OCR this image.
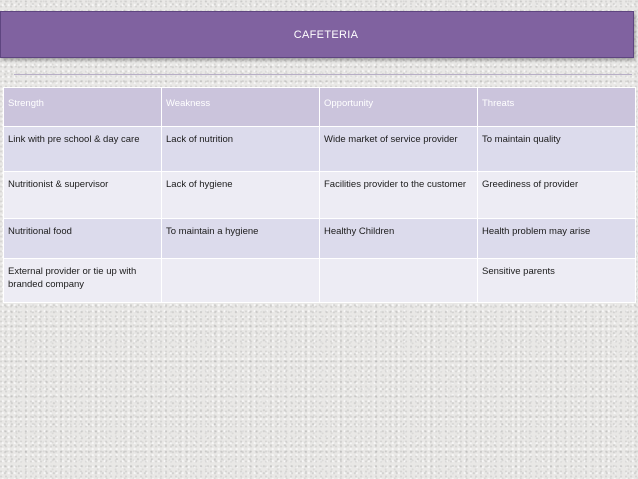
CAFETERIA
Strength	Weakness	Opportunity	Threats
Link with pre school & day care	Lack of nutrition	Wide market of service provider	To maintain quality
Nutritionist & supervisor	Lack of hygiene	Facilities provider to the customer	Greediness of provider
Nutritional food	To maintain a hygiene	Healthy Children	Health problem may arise
External provider or tie up with branded company			Sensitive parents
